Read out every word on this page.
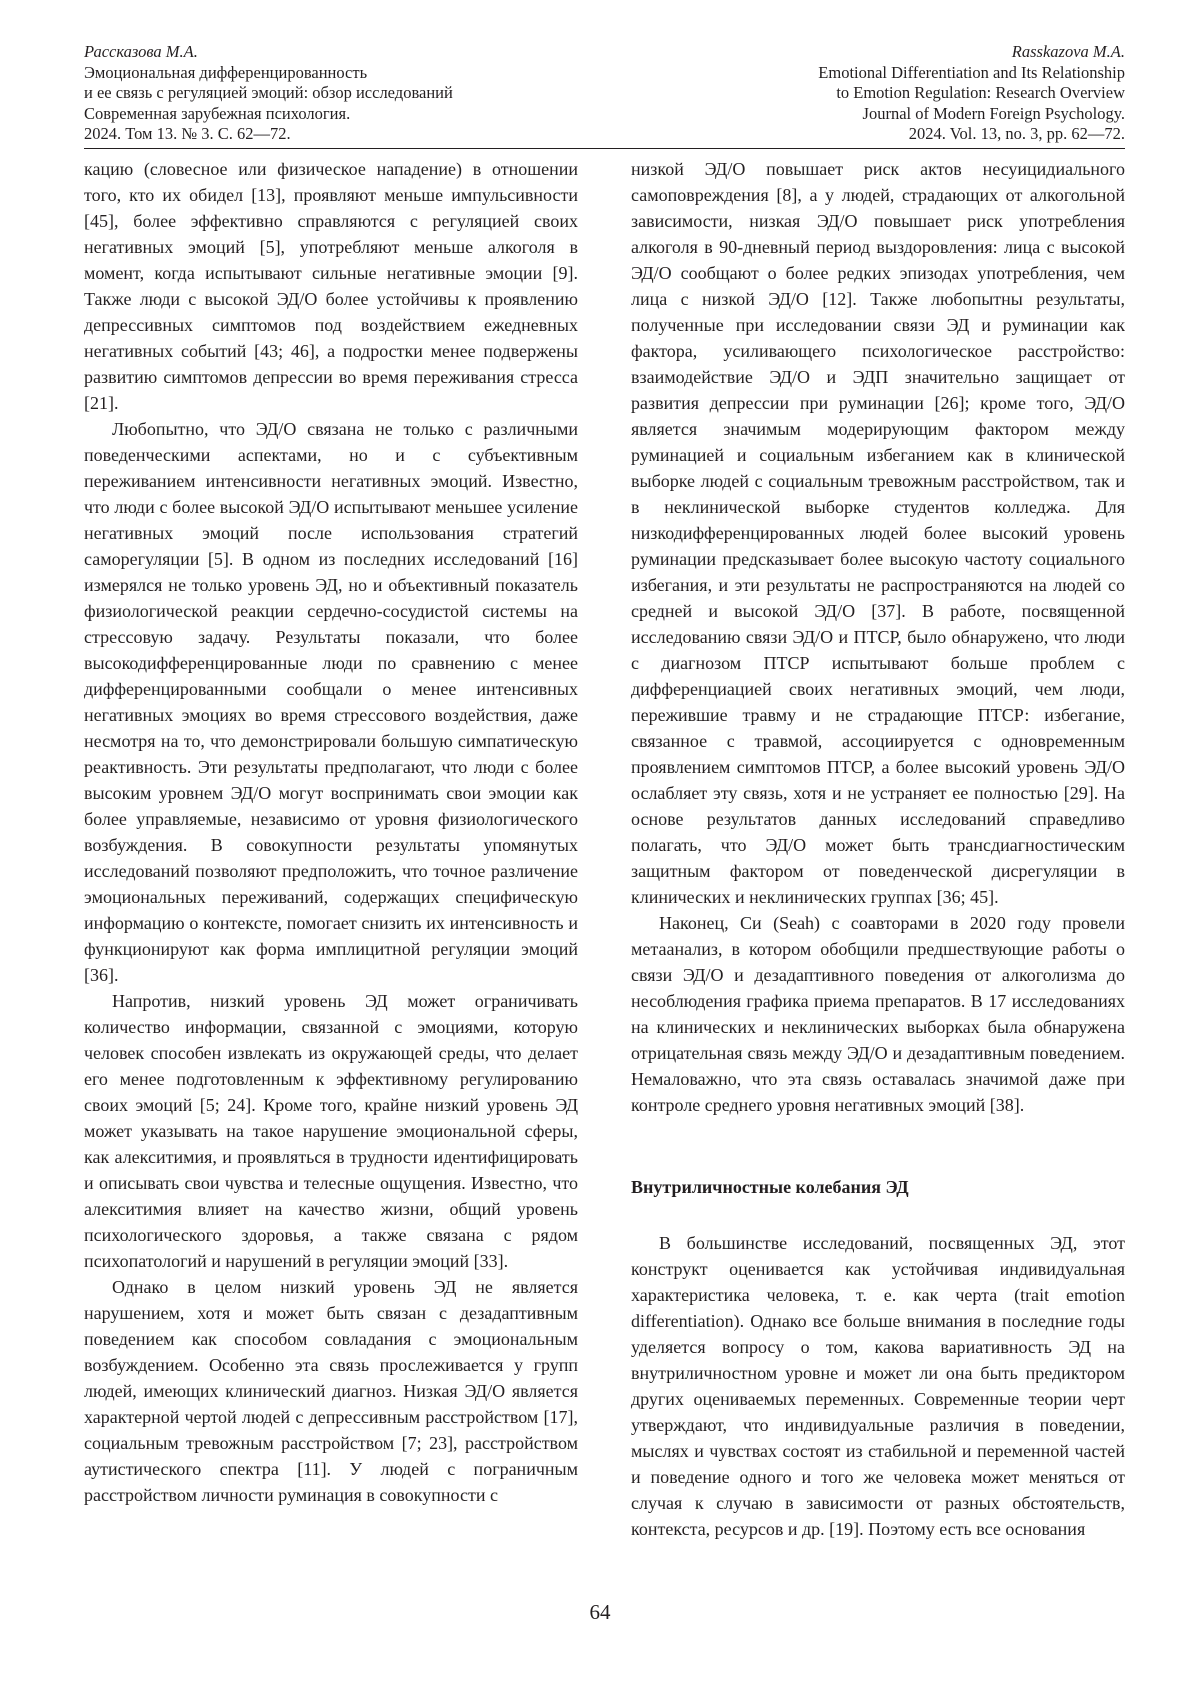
Рассказова М.А.
Эмоциональная дифференцированность
и ее связь с регуляцией эмоций: обзор исследований
Современная зарубежная психология.
2024. Том 13. № 3. С. 62—72.
Rasskazova M.A.
Emotional Differentiation and Its Relationship
to Emotion Regulation: Research Overview
Journal of Modern Foreign Psychology.
2024. Vol. 13, no. 3, pp. 62—72.

кацию (словесное или физическое нападение) в отношении того, кто их обидел [13], проявляют меньше импульсивности [45], более эффективно справляются с регуляцией своих негативных эмоций [5], употребляют меньше алкоголя в момент, когда испытывают сильные негативные эмоции [9]. Также люди с высокой ЭД/О более устойчивы к проявлению депрессивных симптомов под воздействием ежедневных негативных событий [43; 46], а подростки менее подвержены развитию симптомов депрессии во время переживания стресса [21].

Любопытно, что ЭД/О связана не только с различными поведенческими аспектами, но и с субъективным переживанием интенсивности негативных эмоций. Известно, что люди с более высокой ЭД/О испытывают меньшее усиление негативных эмоций после использования стратегий саморегуляции [5]. В одном из последних исследований [16] измерялся не только уровень ЭД, но и объективный показатель физиологической реакции сердечно-сосудистой системы на стрессовую задачу. Результаты показали, что более высокодифференцированные люди по сравнению с менее дифференцированными сообщали о менее интенсивных негативных эмоциях во время стрессового воздействия, даже несмотря на то, что демонстрировали большую симпатическую реактивность. Эти результаты предполагают, что люди с более высоким уровнем ЭД/О могут воспринимать свои эмоции как более управляемые, независимо от уровня физиологического возбуждения. В совокупности результаты упомянутых исследований позволяют предположить, что точное различение эмоциональных переживаний, содержащих специфическую информацию о контексте, помогает снизить их интенсивность и функционируют как форма имплицитной регуляции эмоций [36].

Напротив, низкий уровень ЭД может ограничивать количество информации, связанной с эмоциями, которую человек способен извлекать из окружающей среды, что делает его менее подготовленным к эффективному регулированию своих эмоций [5; 24]. Кроме того, крайне низкий уровень ЭД может указывать на такое нарушение эмоциональной сферы, как алекситимия, и проявляться в трудности идентифицировать и описывать свои чувства и телесные ощущения. Известно, что алекситимия влияет на качество жизни, общий уровень психологического здоровья, а также связана с рядом психопатологий и нарушений в регуляции эмоций [33].

Однако в целом низкий уровень ЭД не является нарушением, хотя и может быть связан с дезадаптивным поведением как способом совладания с эмоциональным возбуждением. Особенно эта связь прослеживается у групп людей, имеющих клинический диагноз. Низкая ЭД/О является характерной чертой людей с депрессивным расстройством [17], социальным тревожным расстройством [7; 23], расстройством аутистического спектра [11]. У людей с пограничным расстройством личности руминация в совокупности с

низкой ЭД/О повышает риск актов несуицидиального самоповреждения [8], а у людей, страдающих от алкогольной зависимости, низкая ЭД/О повышает риск употребления алкоголя в 90-дневный период выздоровления: лица с высокой ЭД/О сообщают о более редких эпизодах употребления, чем лица с низкой ЭД/О [12]. Также любопытны результаты, полученные при исследовании связи ЭД и руминации как фактора, усиливающего психологическое расстройство: взаимодействие ЭД/О и ЭДП значительно защищает от развития депрессии при руминации [26]; кроме того, ЭД/О является значимым модерирующим фактором между руминацией и социальным избеганием как в клинической выборке людей с социальным тревожным расстройством, так и в неклинической выборке студентов колледжа. Для низкодифференцированных людей более высокий уровень руминации предсказывает более высокую частоту социального избегания, и эти результаты не распространяются на людей со средней и высокой ЭД/О [37]. В работе, посвященной исследованию связи ЭД/О и ПТСР, было обнаружено, что люди с диагнозом ПТСР испытывают больше проблем с дифференциацией своих негативных эмоций, чем люди, пережившие травму и не страдающие ПТСР: избегание, связанное с травмой, ассоциируется с одновременным проявлением симптомов ПТСР, а более высокий уровень ЭД/О ослабляет эту связь, хотя и не устраняет ее полностью [29]. На основе результатов данных исследований справедливо полагать, что ЭД/О может быть трансдиагностическим защитным фактором от поведенческой дисрегуляции в клинических и неклинических группах [36; 45].

Наконец, Си (Seah) с соавторами в 2020 году провели метаанализ, в котором обобщили предшествующие работы о связи ЭД/О и дезадаптивного поведения от алкоголизма до несоблюдения графика приема препаратов. В 17 исследованиях на клинических и неклинических выборках была обнаружена отрицательная связь между ЭД/О и дезадаптивным поведением. Немаловажно, что эта связь оставалась значимой даже при контроле среднего уровня негативных эмоций [38].

Внутриличностные колебания ЭД

В большинстве исследований, посвященных ЭД, этот конструкт оценивается как устойчивая индивидуальная характеристика человека, т. е. как черта (trait emotion differentiation). Однако все больше внимания в последние годы уделяется вопросу о том, какова вариативность ЭД на внутриличностном уровне и может ли она быть предиктором других оцениваемых переменных. Современные теории черт утверждают, что индивидуальные различия в поведении, мыслях и чувствах состоят из стабильной и переменной частей и поведение одного и того же человека может меняться от случая к случаю в зависимости от разных обстоятельств, контекста, ресурсов и др. [19]. Поэтому есть все основания

64
